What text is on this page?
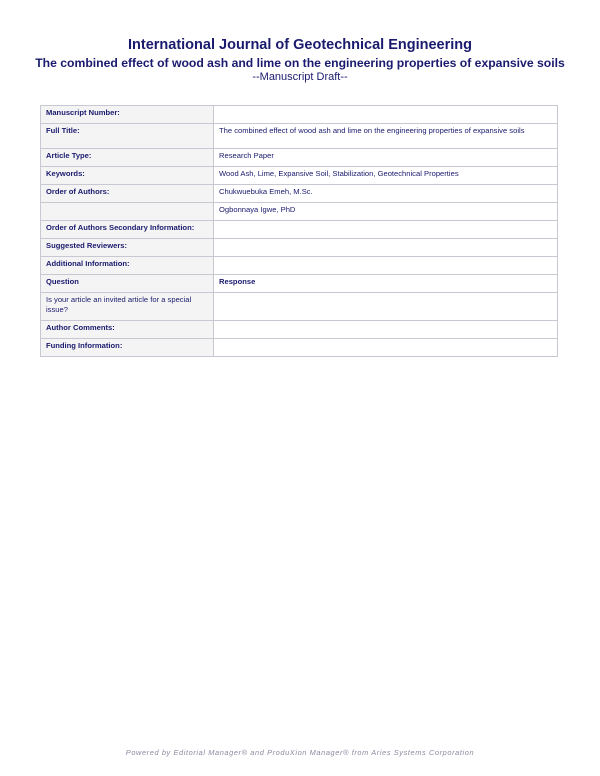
International Journal of Geotechnical Engineering
The combined effect of wood ash and lime on the engineering properties of expansive soils
--Manuscript Draft--
Manuscript Number:	
Full Title:	The combined effect of wood ash and lime on the engineering properties of expansive soils
Article Type:	Research Paper
Keywords:	Wood Ash, Lime, Expansive Soil, Stabilization, Geotechnical Properties
Order of Authors:	Chukwuebuka Emeh, M.Sc.
	Ogbonnaya Igwe, PhD
Order of Authors Secondary Information:	
Suggested Reviewers:	
Additional Information:	
Question	Response
Is your article an invited article for a special issue?	
Author Comments:	
Funding Information:	
Powered by Editorial Manager® and ProduXion Manager® from Aries Systems Corporation
